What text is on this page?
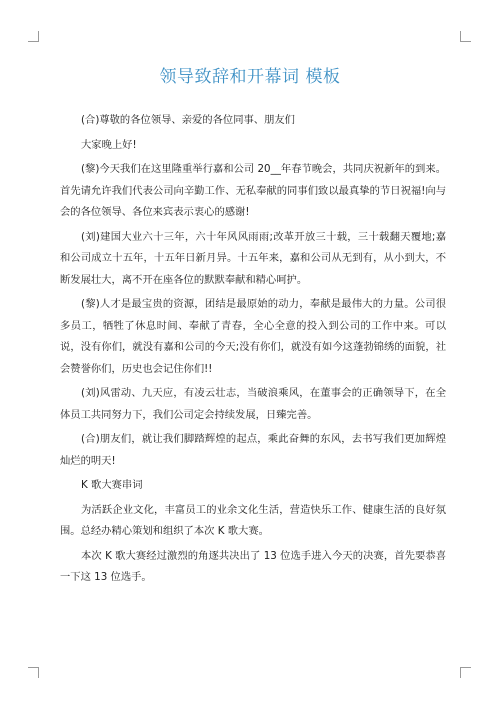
领导致辞和开幕词 模板

(合)尊敬的各位领导、亲爱的各位同事、朋友们

大家晚上好!

(黎)今天我们在这里隆重举行嘉和公司 20__年春节晚会，共同庆祝新年的到来。首先请允许我们代表公司向辛勤工作、无私奉献的同事们致以最真挚的节日祝福!向与会的各位领导、各位来宾表示衷心的感谢!

(刘)建国大业六十三年，六十年风风雨雨;改革开放三十载，三十载翻天覆地;嘉和公司成立十五年，十五年日新月异。十五年来，嘉和公司从无到有，从小到大，不断发展壮大，离不开在座各位的默默奉献和精心呵护。

(黎)人才是最宝贵的资源，团结是最原始的动力，奉献是最伟大的力量。公司很多员工，牺牲了休息时间、奉献了青春，全心全意的投入到公司的工作中来。可以说，没有你们，就没有嘉和公司的今天;没有你们，就没有如今这蓬勃锦绣的面貌，社会赞誉你们，历史也会记住你们!!

(刘)风雷动、九天应，有凌云壮志，当破浪乘风，在董事会的正确领导下，在全体员工共同努力下，我们公司定会持续发展，日臻完善。

(合)朋友们，就让我们脚踏辉煌的起点，乘此奋舞的东风，去书写我们更加辉煌灿烂的明天!

K 歌大赛串词

为活跃企业文化，丰富员工的业余文化生活，营造快乐工作、健康生活的良好氛围。总经办精心策划和组织了本次 K 歌大赛。

本次 K 歌大赛经过激烈的角逐共决出了 13 位选手进入今天的决赛，首先要恭喜一下这 13 位选手。
